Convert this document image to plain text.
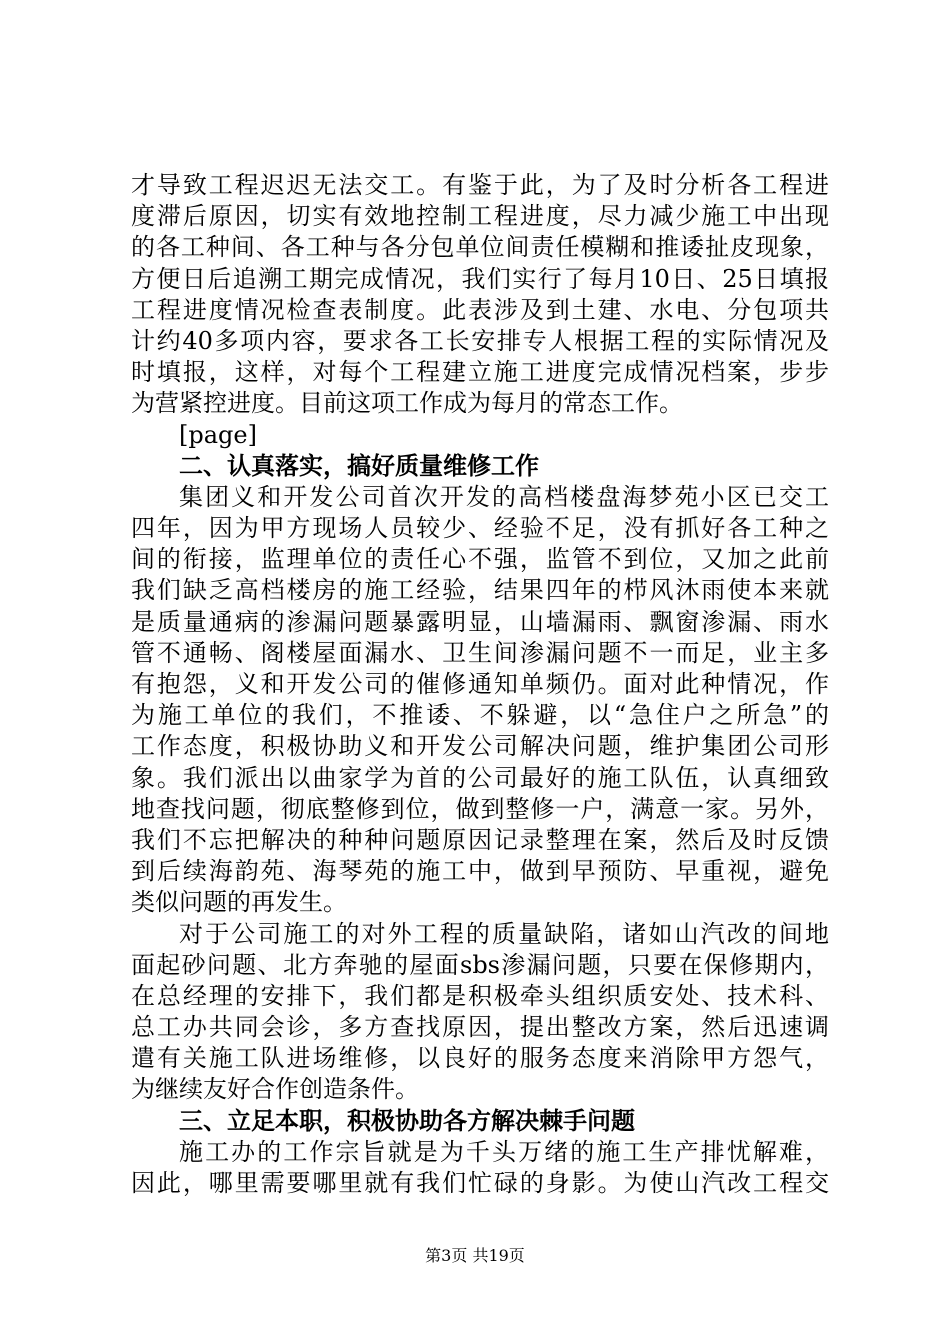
才导致工程迟迟无法交工。有鉴于此，为了及时分析各工程进
度滞后原因，切实有效地控制工程进度，尽力减少施工中出现
的各工种间、各工种与各分包单位间责任模糊和推诿扯皮现象，
方便日后追溯工期完成情况，我们实行了每月10日、25日填报
工程进度情况检查表制度。此表涉及到土建、水电、分包项共
计约40多项内容，要求各工长安排专人根据工程的实际情况及
时填报，这样，对每个工程建立施工进度完成情况档案，步步
为营紧控进度。目前这项工作成为每月的常态工作。
[page]
二、认真落实，搞好质量维修工作
集团义和开发公司首次开发的高档楼盘海梦苑小区已交工
四年，因为甲方现场人员较少、经验不足，没有抓好各工种之
间的衔接，监理单位的责任心不强，监管不到位，又加之此前
我们缺乏高档楼房的施工经验，结果四年的栉风沐雨使本来就
是质量通病的渗漏问题暴露明显，山墙漏雨、飘窗渗漏、雨水
管不通畅、阁楼屋面漏水、卫生间渗漏问题不一而足，业主多
有抱怨，义和开发公司的催修通知单频仍。面对此种情况，作
为施工单位的我们，不推诿、不躲避，以“急住户之所急”的
工作态度，积极协助义和开发公司解决问题，维护集团公司形
象。我们派出以曲家学为首的公司最好的施工队伍，认真细致
地查找问题，彻底整修到位，做到整修一户，满意一家。另外，
我们不忘把解决的种种问题原因记录整理在案，然后及时反馈
到后续海韵苑、海琴苑的施工中，做到早预防、早重视，避免
类似问题的再发生。
对于公司施工的对外工程的质量缺陷，诸如山汽改的间地
面起砂问题、北方奔驰的屋面sbs渗漏问题，只要在保修期内，
在总经理的安排下，我们都是积极牵头组织质安处、技术科、
总工办共同会诊，多方查找原因，提出整改方案，然后迅速调
遣有关施工队进场维修，以良好的服务态度来消除甲方怨气，
为继续友好合作创造条件。
三、立足本职，积极协助各方解决棘手问题
施工办的工作宗旨就是为千头万绪的施工生产排忧解难，
因此，哪里需要哪里就有我们忙碌的身影。为使山汽改工程交
第3页 共19页
